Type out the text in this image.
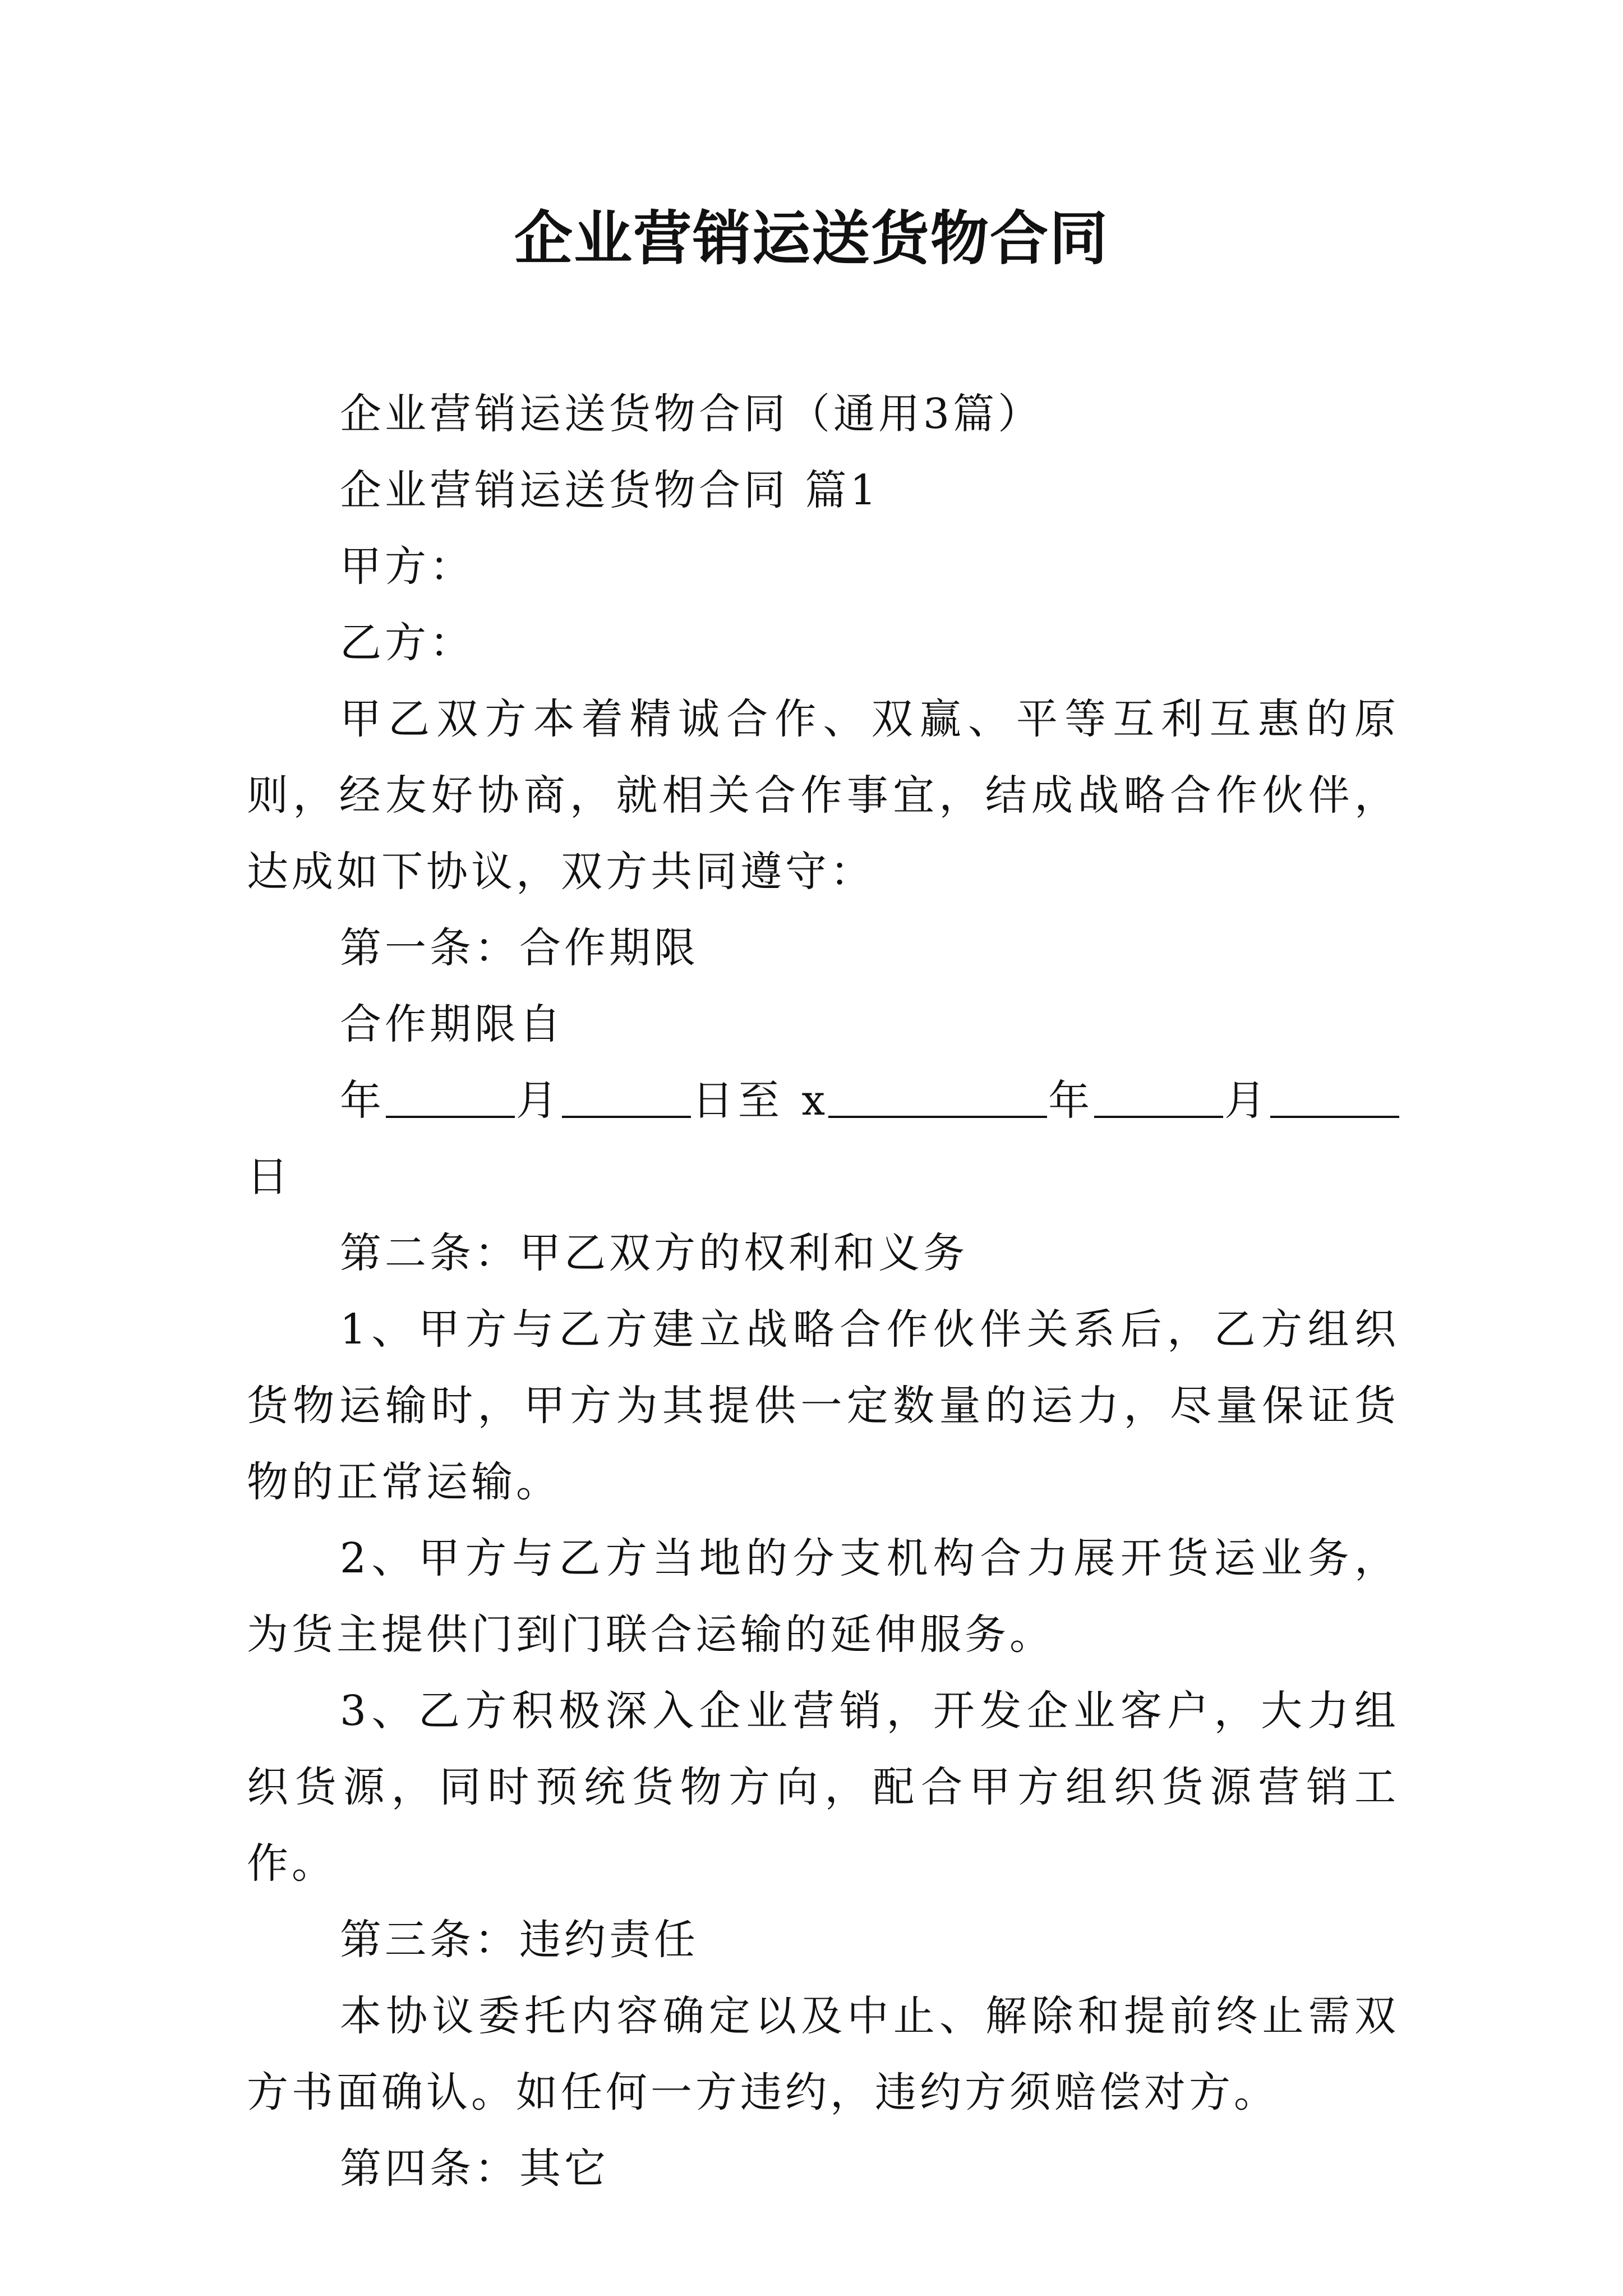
企业营销运送货物合同

企业营销运送货物合同（通用3篇）

企业营销运送货物合同 篇1

甲方：

乙方：

甲乙双方本着精诚合作、双赢、平等互利互惠的原则，经友好协商，就相关合作事宜，结成战略合作伙伴，达成如下协议，双方共同遵守：

第一条：合作期限

合作期限自

年	月	日至 x	年	月日

第二条：甲乙双方的权利和义务

1、甲方与乙方建立战略合作伙伴关系后，乙方组织货物运输时，甲方为其提供一定数量的运力，尽量保证货物的正常运输。

2、甲方与乙方当地的分支机构合力展开货运业务，为货主提供门到门联合运输的延伸服务。

3、乙方积极深入企业营销，开发企业客户，大力组织货源，同时预统货物方向，配合甲方组织货源营销工作。

第三条：违约责任

本协议委托内容确定以及中止、解除和提前终止需双方书面确认。如任何一方违约，违约方须赔偿对方。

第四条：其它
